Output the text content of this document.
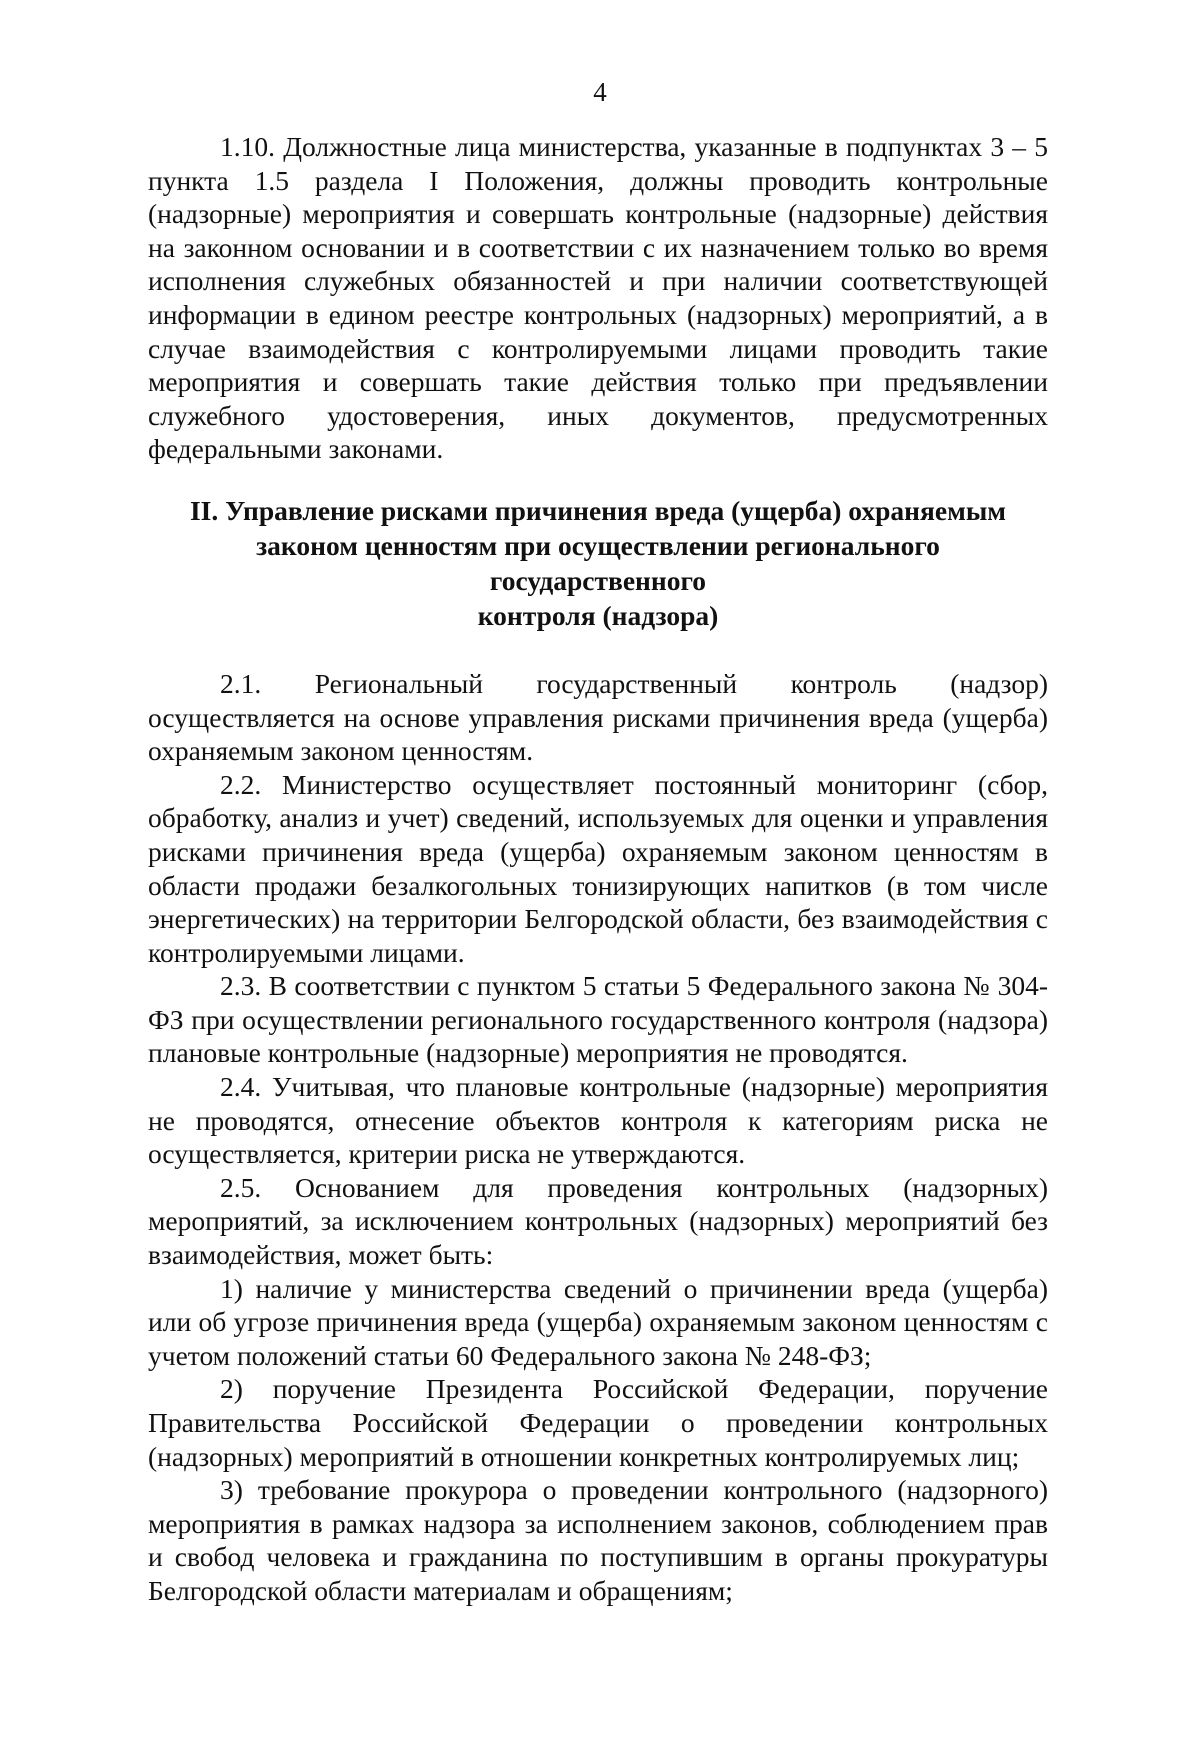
4

1.10. Должностные лица министерства, указанные в подпунктах 3 – 5 пункта 1.5 раздела I Положения, должны проводить контрольные (надзорные) мероприятия и совершать контрольные (надзорные) действия на законном основании и в соответствии с их назначением только во время исполнения служебных обязанностей и при наличии соответствующей информации в едином реестре контрольных (надзорных) мероприятий, а в случае взаимодействия с контролируемыми лицами проводить такие мероприятия и совершать такие действия только при предъявлении служебного удостоверения, иных документов, предусмотренных федеральными законами.

II. Управление рисками причинения вреда (ущерба) охраняемым
законом ценностям при осуществлении регионального государственного
контроля (надзора)

2.1. Региональный государственный контроль (надзор) осуществляется на основе управления рисками причинения вреда (ущерба) охраняемым законом ценностям.

2.2. Министерство осуществляет постоянный мониторинг (сбор, обработку, анализ и учет) сведений, используемых для оценки и управления рисками причинения вреда (ущерба) охраняемым законом ценностям в области продажи безалкогольных тонизирующих напитков (в том числе энергетических) на территории Белгородской области, без взаимодействия с контролируемыми лицами.

2.3. В соответствии с пунктом 5 статьи 5 Федерального закона № 304-ФЗ при осуществлении регионального государственного контроля (надзора) плановые контрольные (надзорные) мероприятия не проводятся.

2.4. Учитывая, что плановые контрольные (надзорные) мероприятия не проводятся, отнесение объектов контроля к категориям риска не осуществляется, критерии риска не утверждаются.

2.5. Основанием для проведения контрольных (надзорных) мероприятий, за исключением контрольных (надзорных) мероприятий без взаимодействия, может быть:

1) наличие у министерства сведений о причинении вреда (ущерба) или об угрозе причинения вреда (ущерба) охраняемым законом ценностям с учетом положений статьи 60 Федерального закона № 248-ФЗ;

2) поручение Президента Российской Федерации, поручение Правительства Российской Федерации о проведении контрольных (надзорных) мероприятий в отношении конкретных контролируемых лиц;

3) требование прокурора о проведении контрольного (надзорного) мероприятия в рамках надзора за исполнением законов, соблюдением прав и свобод человека и гражданина по поступившим в органы прокуратуры Белгородской области материалам и обращениям;
